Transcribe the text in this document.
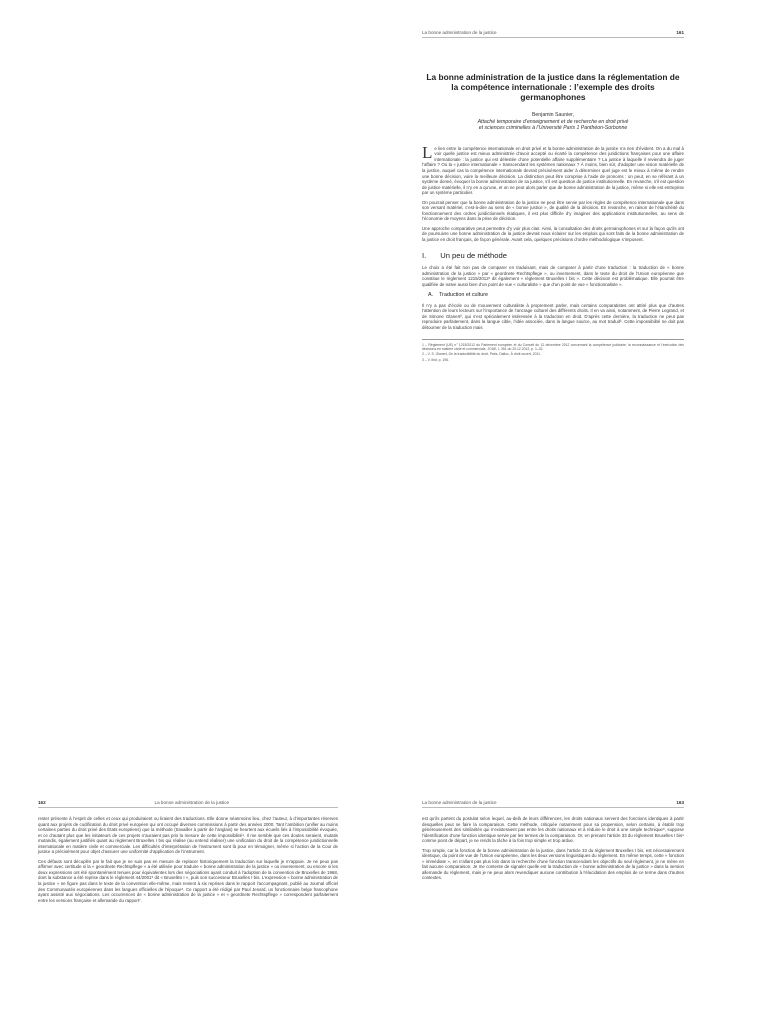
La bonne administration de la justice	161
La bonne administration de la justice dans la réglementation de la compétence internationale : l’exemple des droits germanophones
Benjamin Saunier,
Attaché temporaire d’enseignement et de recherche en droit privé
et sciences criminelles à l’Université Paris 1 Panthéon-Sorbonne

Le lien entre la compétence internationale en droit privé et la bonne administration de la justice n’a rien d’évident. On a du mal à voir quelle justice est mieux administrée d’avoir accepté ou écarté la compétence des juridictions françaises pour une affaire internationale : la justice qui est délestée d’une potentielle affaire supplémentaire ? La justice à laquelle il reviendra de juger l’affaire ? Ou la « justice internationale » transcendant les systèmes nationaux ? À moins, bien sûr, d’adopter une vision matérielle de la justice, auquel cas la compétence internationale devrait précisément aider à déterminer quel juge est le mieux à même de rendre une bonne décision, voire la meilleure décision. La distinction peut être comprise à l’aide de pronoms : on peut, en se référant à un système donné, évoquer la bonne administration de sa justice, s’il est question de justice institutionnelle. En revanche, s’il est question de justice matérielle, il n’y en a qu’une, et on ne peut alors parler que de bonne administration de la justice, même si elle est entreprise par un système particulier.

On pourrait penser que la bonne administration de la justice ne peut être servie par les règles de compétence internationale que dans son versant matériel, c’est-à-dire au sens de « bonne justice », de qualité de la décision. En revanche, en raison de l’étanchéité du fonctionnement des ordres juridictionnels étatiques, il est plus difficile d’y imaginer des applications institutionnelles, au sens de l’économie de moyens dans la prise de décision.

Une approche comparative peut permettre d’y voir plus clair. Ainsi, la consultation des droits germanophones et sur la façon qu’ils ont de poursuivre une bonne administration de la justice devrait nous éclairer sur les emplois qui sont faits de la bonne administration de la justice en droit français, de façon générale. Avant cela, quelques précisions d’ordre méthodologique s’imposent.

I. Un peu de méthode

Le choix a été fait non pas de comparer en traduisant, mais de comparer à partir d’une traduction : la traduction de « bonne administration de la justice » par « geordnete Rechtspflege », ou inversement, dans le texte du droit de l’Union européenne que constitue le règlement 1215/2012¹ dit également « règlement Bruxelles I bis ». Cette décision est problématique. Elle pourrait être qualifiée de naïve aussi bien d’un point de vue « culturaliste » que d’un point de vue « fonctionnaliste ».

A. Traduction et culture

Il n’y a pas d’école ou de mouvement culturaliste à proprement parler, mais certains comparatistes ont attiré plus que d’autres l’attention de leurs lecteurs sur l’importance de l’ancrage culturel des différents droits. Il en va ainsi, notamment, de Pierre Legrand, et de Simone Glanert², qui s’est spécialement intéressée à la traduction en droit. D’après cette dernière, la traduction ne peut pas reproduire parfaitement, dans la langue cible, l’idée associée, dans la langue source, au mot traduit³. Cette impossibilité ne doit pas détourner de la traduction mais

1 – Règlement (UE) n° 1215/2012 du Parlement européen et du Conseil du 12 décembre 2012 concernant la compétence judiciaire, la reconnaissance et l’exécution des décisions en matière civile et commerciale, JOUE, L 351 du 20.12.2012, p. 1–32.
2 – V. S. Glanert, De la traductibilité du droit, Paris, Dalloz, À droit ouvert, 2011.
3 – V. ibid. p. 196.
162	La bonne administration de la justice

rester présente à l’esprit de celles et ceux qui produiraient ou liraient des traductions. Elle donne néanmoins lieu, chez l’auteur, à d’importantes réserves quant aux projets de codification du droit privé européen qui ont occupé diverses commissions à partir des années 2000. Tant l’ambition (unifier au moins certaines parties du droit privé des États européens) que la méthode (travailler à partir de l’anglais) se heurtent aux écueils liés à l’impossibilité évoquée, et ce d’autant plus que les initiateurs de ces projets n’auraient pas pris la mesure de cette impossibilité⁴. Il me semble que ces doutes seraient, mutatis mutandis, également justifiés quant au règlement Bruxelles I bis qui réalise (ou entend réaliser) une unification du droit de la compétence juridictionnelle internationale en matière civile et commerciale. Les difficultés d’interprétation de l’instrument sont là pour en témoigner, même si l’action de la Cour de justice a précisément pour objet d’assurer une uniformité d’application de l’instrument.

Ces défauts sont décuplés par le fait que je ne suis pas en mesure de replacer historiquement la traduction sur laquelle je m’appuie. Je ne peux pas affirmer avec certitude si la « geordnete Rechtspflege » a été utilisée pour traduire « bonne administration de la justice » ou inversement, ou encore si les deux expressions ont été spontanément tenues pour équivalentes lors des négociations ayant conduit à l’adoption de la convention de Bruxelles de 1968, dont la substance a été reprise dans le règlement 44/2001⁵ dit « Bruxelles I », puis son successeur Bruxelles I bis. L’expression « bonne administration de la justice » ne figure pas dans le texte de la convention elle-même, mais revient à six reprises dans le rapport l’accompagnant, publié au Journal officiel des Communautés européennes dans les langues officielles de l’époque⁶. Ce rapport a été rédigé par Paul Jenard, un fonctionnaire belge francophone ayant assisté aux négociations. Les occurrences de « bonne administration de la justice » et « geordnete Rechtspflege » correspondent parfaitement entre les versions française et allemande du rapport⁷.

La bonne administration de la justice	163

est qu’ils partent du postulat selon lequel, au-delà de leurs différences, les droits nationaux servent des fonctions identiques à partir desquelles peut se faire la comparaison. Cette méthode, critiquée notamment pour sa propension, selon certains, à établir trop généreusement des similarités qui n’existeraient pas entre les droits nationaux et à réduire le droit à une simple technique⁸, suppose l’identification d’une fonction identique servie par les termes de la comparaison. Or, en prenant l’article 33 du règlement Bruxelles I bis⁹ comme point de départ, je ne rends la tâche à la fois trop simple et trop ardue.

Trop simple, car la fonction de la bonne administration de la justice, dans l’article 33 du règlement Bruxelles I bis, est nécessairement identique, du point de vue de l’Union européenne, dans les deux versions linguistiques du règlement. En même temps, cette « fonction » immédiate », en n’allant pas plus loin dans la recherche d’une fonction transcendant les objectifs du seul règlement, je ne mène en fait aucune comparaison. Je me contente de signaler quelle est la traduction de « bonne administration de la justice » dans la version allemande du règlement, mais je ne peux alors revendiquer aucune contribution à l’élucidation des emplois de ce terme dans d’autres contextes.
